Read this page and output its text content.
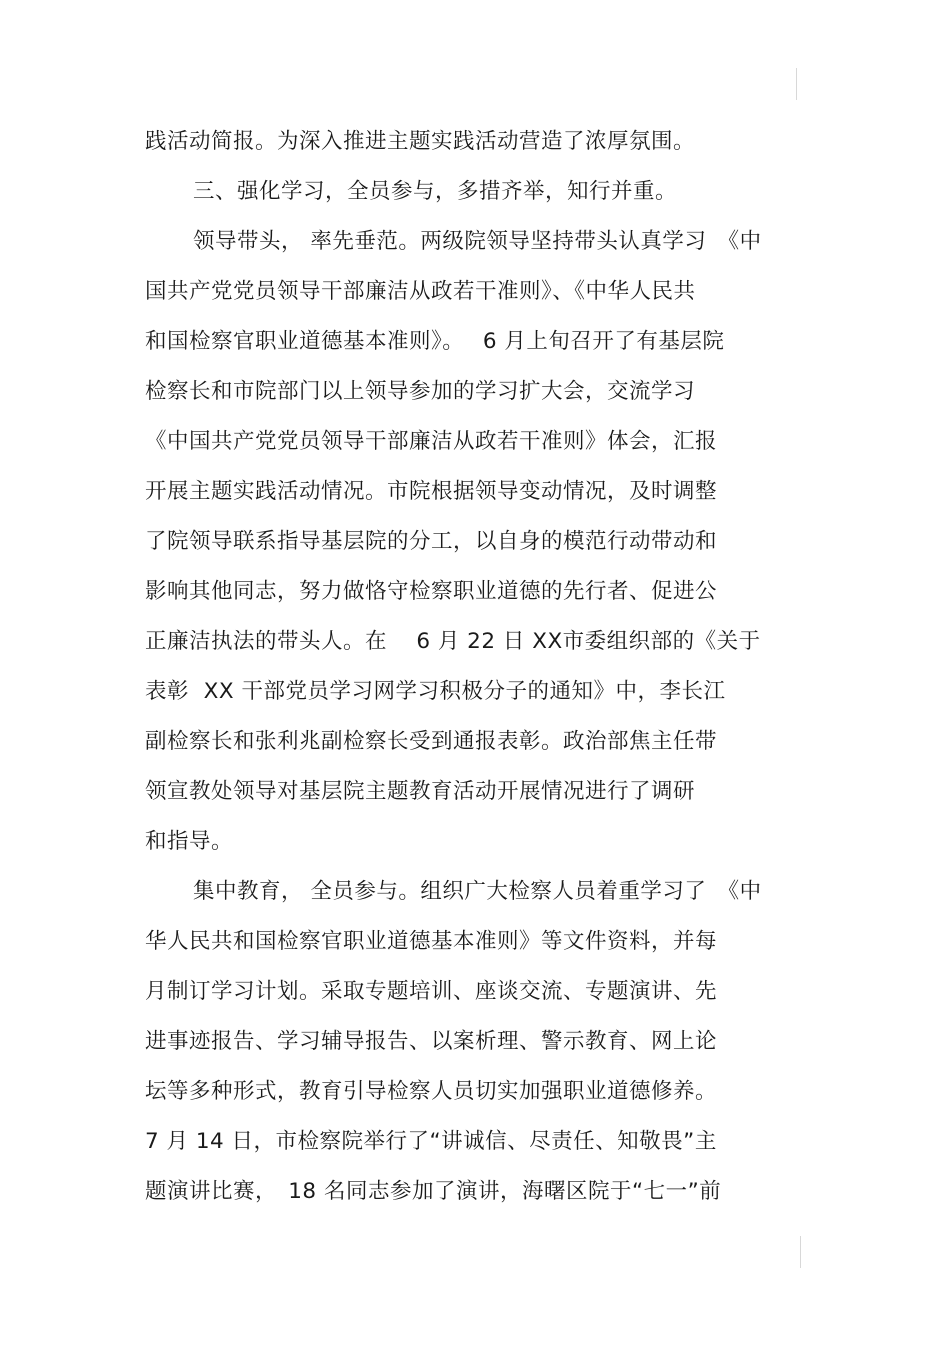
践活动简报。为深入推进主题实践活动营造了浓厚氛围。
三、强化学习，全员参与，多措齐举，知行并重。
领导带头， 率先垂范。两级院领导坚持带头认真学习　《中
国共产党党员领导干部廉洁从政若干准则》、《中华人民共
和国检察官职业道德基本准则》。　 6 月上旬召开了有基层院
检察长和市院部门以上领导参加的学习扩大会，交流学习
《中国共产党党员领导干部廉洁从政若干准则》体会，汇报
开展主题实践活动情况。市院根据领导变动情况，及时调整
了院领导联系指导基层院的分工，以自身的模范行动带动和
影响其他同志，努力做恪守检察职业道德的先行者、促进公
正廉洁执法的带头人。在　 6 月 22 日 XX市委组织部的《关于
表彰  XX 干部党员学习网学习积极分子的通知》中，李长江
副检察长和张利兆副检察长受到通报表彰。政治部焦主任带
领宣教处领导对基层院主题教育活动开展情况进行了调研
和指导。
集中教育， 全员参与。组织广大检察人员着重学习了　《中
华人民共和国检察官职业道德基本准则》等文件资料，并每
月制订学习计划。采取专题培训、座谈交流、专题演讲、先
进事迹报告、学习辅导报告、以案析理、警示教育、网上论
坛等多种形式，教育引导检察人员切实加强职业道德修养。
7 月 14 日，市检察院举行了“讲诚信、尽责任、知敬畏”主
题演讲比赛，　18 名同志参加了演讲，海曙区院于“七一”前
